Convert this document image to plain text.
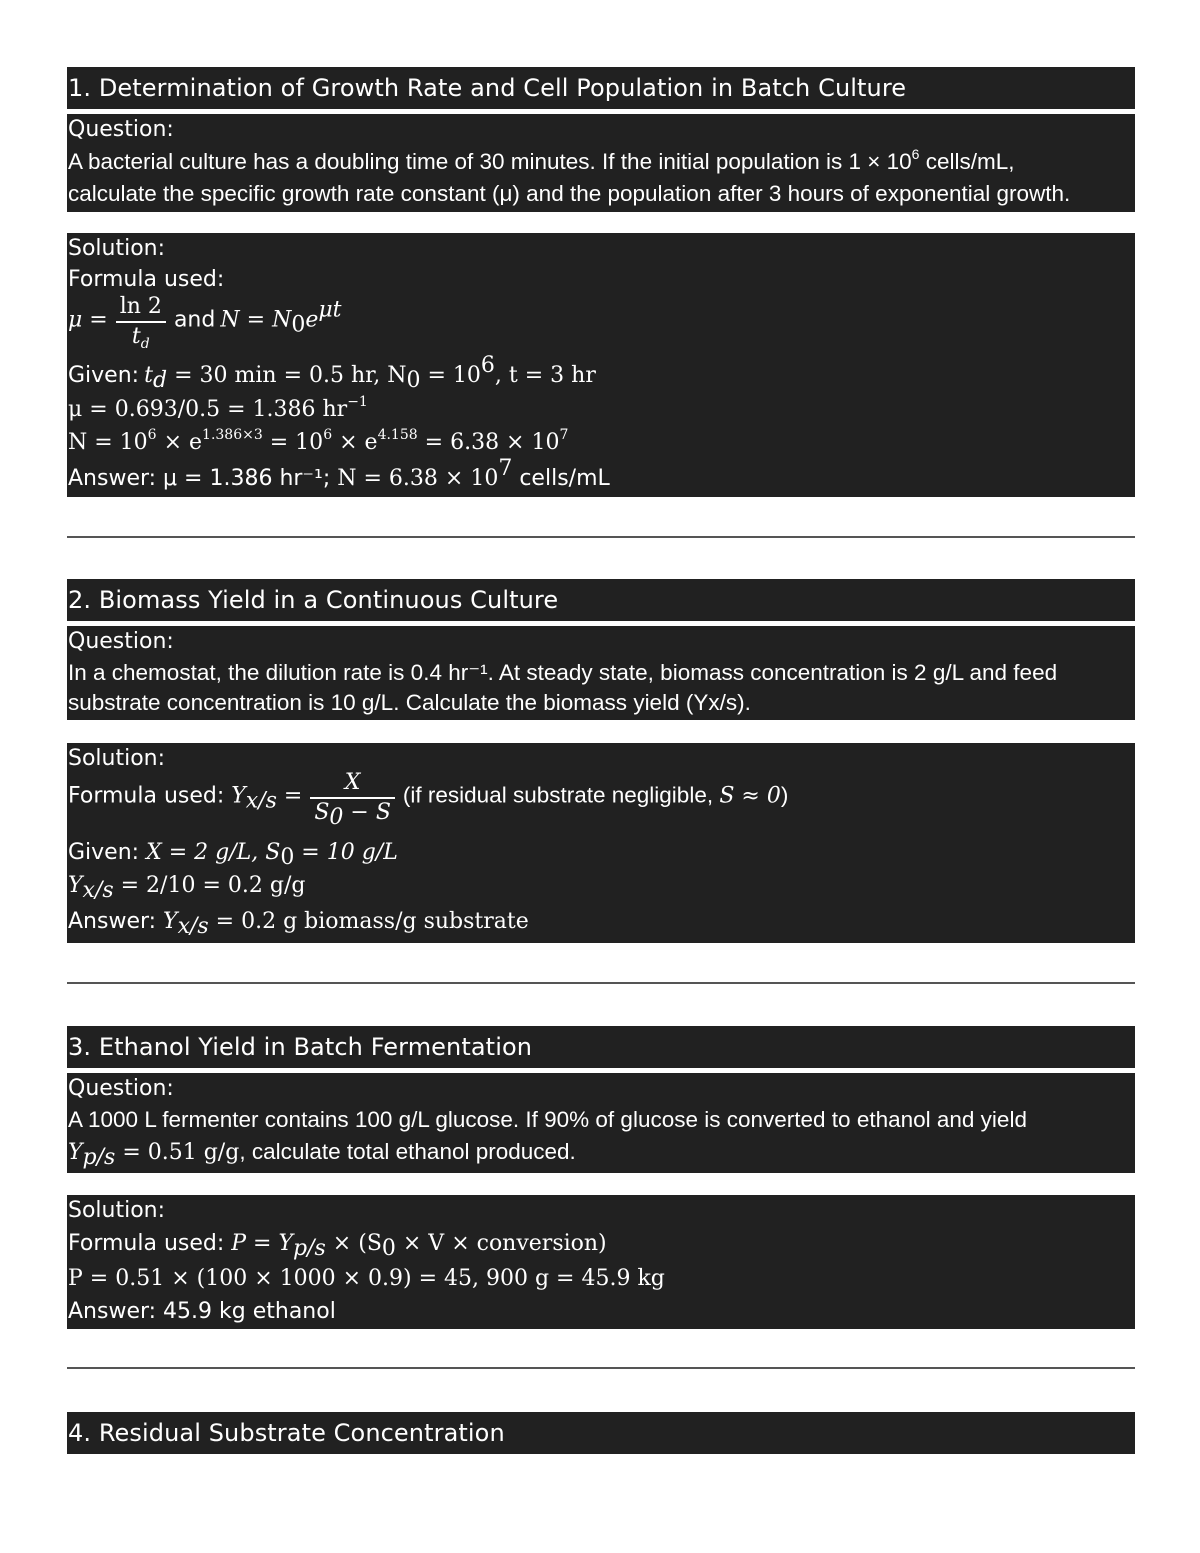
1. Determination of Growth Rate and Cell Population in Batch Culture
Question:
A bacterial culture has a doubling time of 30 minutes. If the initial population is $1 \times 10^6$ cells/mL,
calculate the specific growth rate constant (μ) and the population after 3 hours of exponential growth.
Solution:
Formula used:
$\mu = \frac{\ln 2}{t_d}$ and $N = N_0e^{\mu t}$
Given: $t_d = 30$ min = 0.5 hr, $N_0 = 10^6$, t = 3 hr
μ = 0.693/0.5 = 1.386 $hr^{-1}$
$N = 10^6 \times e^{1.386\times 3} = 10^6 \times e^{4.158} = 6.38 \times 10^7$
Answer: μ = 1.386 hr⁻¹; $N = 6.38 \times 10^7$ cells/mL
2. Biomass Yield in a Continuous Culture
Question:
In a chemostat, the dilution rate is 0.4 hr⁻¹. At steady state, biomass concentration is 2 g/L and feed
substrate concentration is 10 g/L. Calculate the biomass yield (Yx/s).
Solution:
Formula used: $Y_{x/s} = \frac{X}{S_0 - S} (if$ residual substrate negligible, S ≈ 0)
Given: X = 2 g/L, $S_0 = 10$ g/L
$Y_{x/s} = 2/10 = 0.2$ g/g
Answer: $Y_{x/s} = 0.2$ g biomass/g substrate
3. Ethanol Yield in Batch Fermentation
Question:
A 1000 L fermenter contains 100 g/L glucose. If 90% of glucose is converted to ethanol and yield
$Y_{p/s} = 0.51$ g/g, calculate total ethanol produced.
Solution:
Formula used: $P = Y_{p/s} \times (S_0 \times V$ × conversion)
P = 0.51 × (100 × 1000 × 0.9) = 45, 900 g = 45.9 kg
Answer: 45.9 kg ethanol
4. Residual Substrate Concentration
